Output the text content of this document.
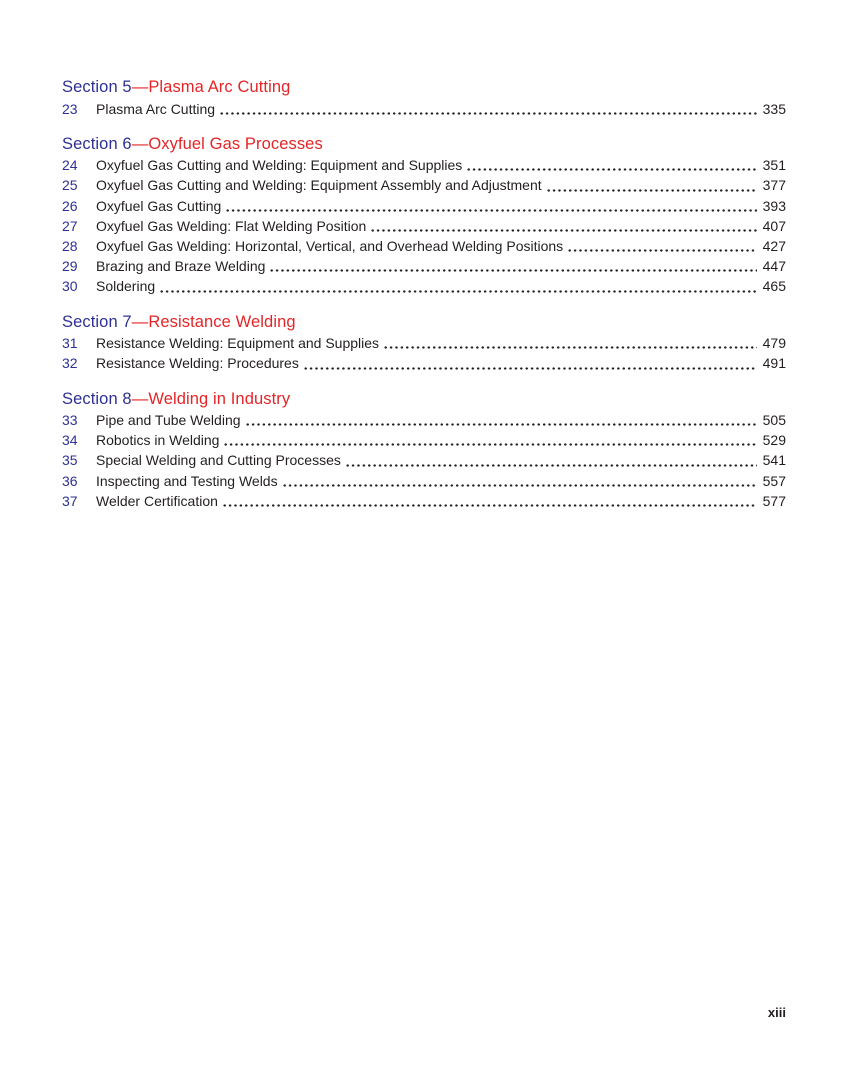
Section 5—Plasma Arc Cutting
23	Plasma Arc Cutting	335
Section 6—Oxyfuel Gas Processes
24	Oxyfuel Gas Cutting and Welding: Equipment and Supplies	351
25	Oxyfuel Gas Cutting and Welding: Equipment Assembly and Adjustment	377
26	Oxyfuel Gas Cutting	393
27	Oxyfuel Gas Welding: Flat Welding Position	407
28	Oxyfuel Gas Welding: Horizontal, Vertical, and Overhead Welding Positions	427
29	Brazing and Braze Welding	447
30	Soldering	465
Section 7—Resistance Welding
31	Resistance Welding: Equipment and Supplies	479
32	Resistance Welding: Procedures	491
Section 8—Welding in Industry
33	Pipe and Tube Welding	505
34	Robotics in Welding	529
35	Special Welding and Cutting Processes	541
36	Inspecting and Testing Welds	557
37	Welder Certification	577
xiii
